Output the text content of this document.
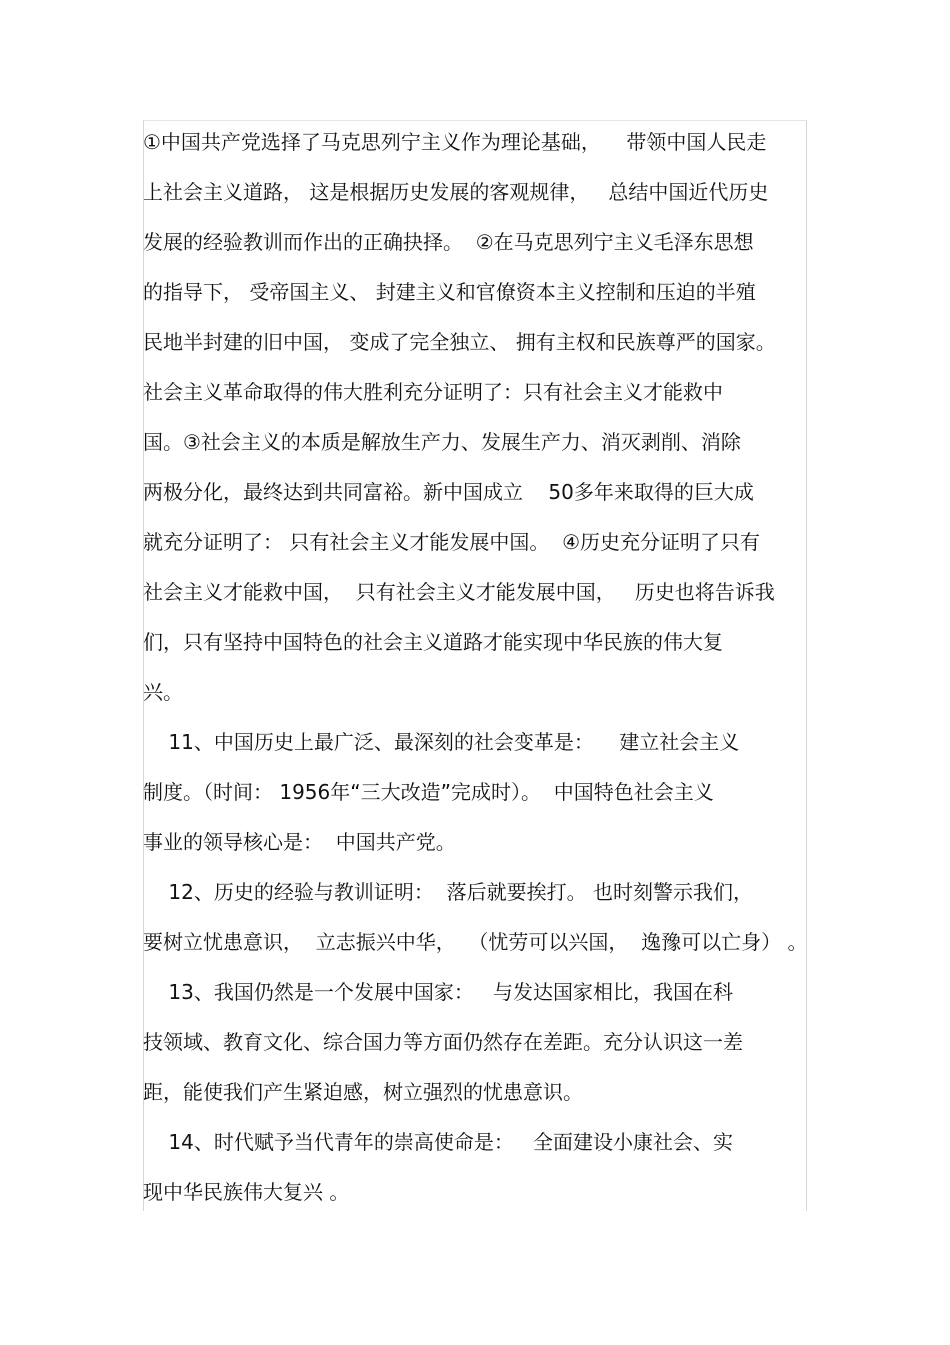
①中国共产党选择了马克思列宁主义作为理论基础，    带领中国人民走
上社会主义道路， 这是根据历史发展的客观规律，   总结中国近代历史
发展的经验教训而作出的正确抉择。  ②在马克思列宁主义毛泽东思想
的指导下， 受帝国主义、 封建主义和官僚资本主义控制和压迫的半殖
民地半封建的旧中国， 变成了完全独立、 拥有主权和民族尊严的国家。
社会主义革命取得的伟大胜利充分证明了：只有社会主义才能救中
国。③社会主义的本质是解放生产力、发展生产力、消灭剥削、消除
两极分化，最终达到共同富裕。新中国成立    50多年来取得的巨大成
就充分证明了： 只有社会主义才能发展中国。  ④历史充分证明了只有
社会主义才能救中国，  只有社会主义才能发展中国，   历史也将告诉我
们，只有坚持中国特色的社会主义道路才能实现中华民族的伟大复
兴。
11、中国历史上最广泛、最深刻的社会变革是：    建立社会主义
制度。（时间： 1956年“三大改造”完成时）。  中国特色社会主义
事业的领导核心是：  中国共产党。
12、历史的经验与教训证明：  落后就要挨打。 也时刻警示我们，
要树立忧患意识，  立志振兴中华，  （忧劳可以兴国，  逸豫可以亡身） 。
13、我国仍然是一个发展中国家：   与发达国家相比，我国在科
技领域、教育文化、综合国力等方面仍然存在差距。充分认识这一差
距，能使我们产生紧迫感，树立强烈的忧患意识。
14、时代赋予当代青年的崇高使命是：   全面建设小康社会、实
现中华民族伟大复兴 。
